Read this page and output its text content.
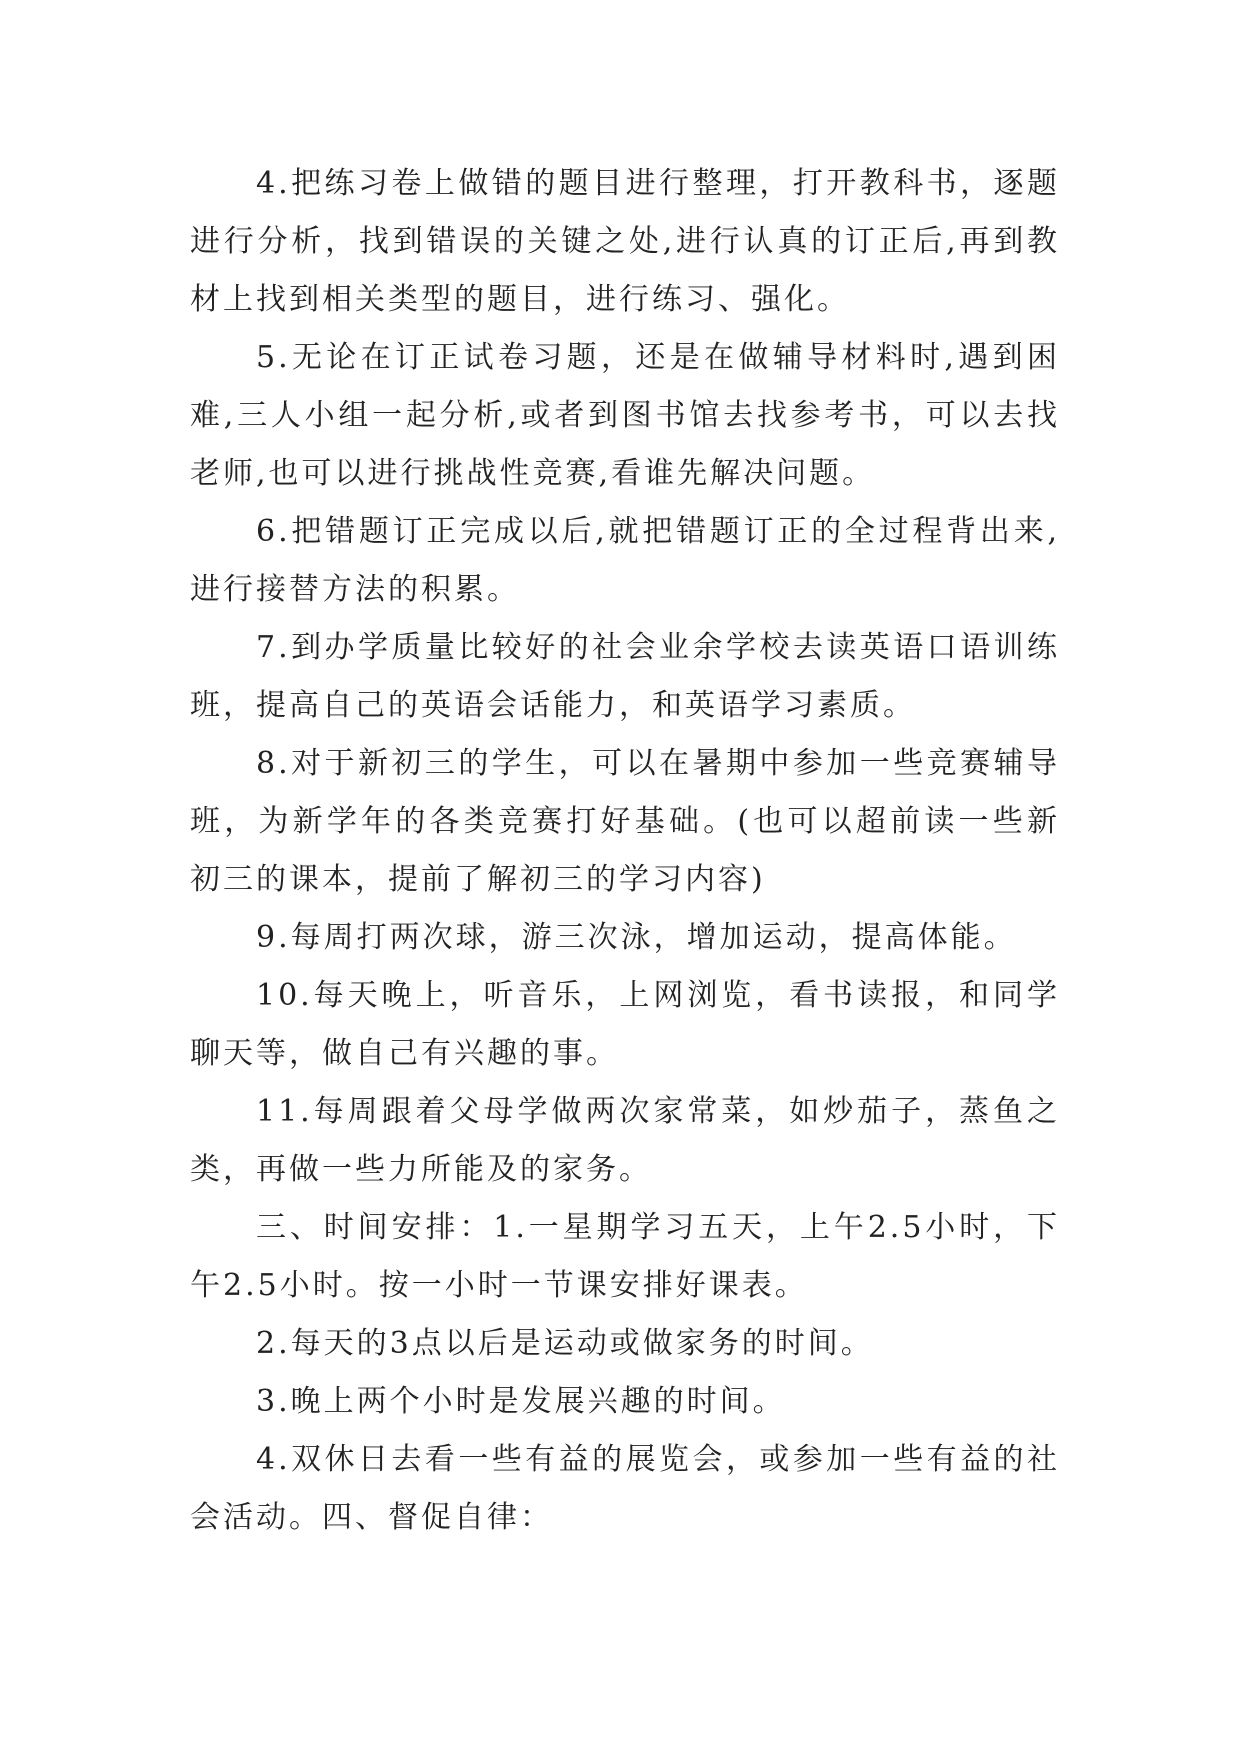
4.把练习卷上做错的题目进行整理，打开教科书，逐题进行分析，找到错误的关键之处,进行认真的订正后,再到教材上找到相关类型的题目，进行练习、强化。

5.无论在订正试卷习题，还是在做辅导材料时,遇到困难,三人小组一起分析,或者到图书馆去找参考书，可以去找老师,也可以进行挑战性竞赛,看谁先解决问题。

6.把错题订正完成以后,就把错题订正的全过程背出来,进行接替方法的积累。

7.到办学质量比较好的社会业余学校去读英语口语训练班，提高自己的英语会话能力，和英语学习素质。

8.对于新初三的学生，可以在暑期中参加一些竞赛辅导班，为新学年的各类竞赛打好基础。(也可以超前读一些新初三的课本，提前了解初三的学习内容)

9.每周打两次球，游三次泳，增加运动，提高体能。

10.每天晚上，听音乐，上网浏览，看书读报，和同学聊天等，做自己有兴趣的事。

11.每周跟着父母学做两次家常菜，如炒茄子，蒸鱼之类，再做一些力所能及的家务。

三、时间安排：1.一星期学习五天，上午2.5小时，下午2.5小时。按一小时一节课安排好课表。

2.每天的3点以后是运动或做家务的时间。

3.晚上两个小时是发展兴趣的时间。

4.双休日去看一些有益的展览会，或参加一些有益的社会活动。四、督促自律：
